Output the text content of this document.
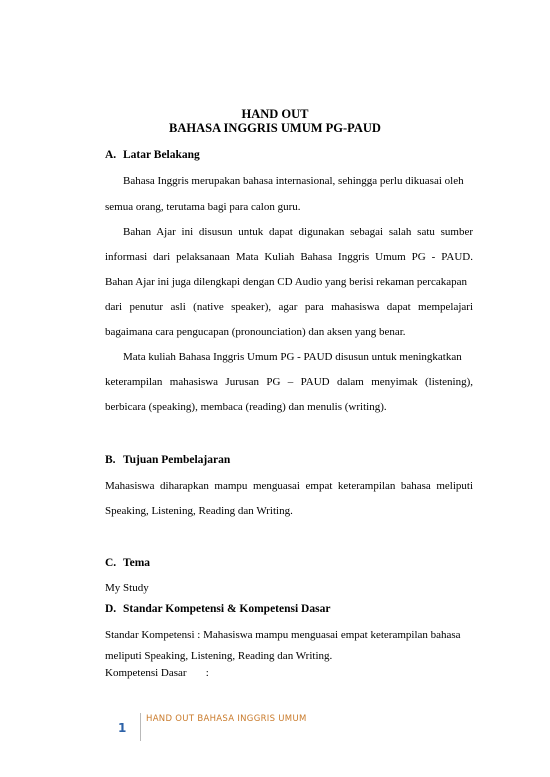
HAND OUT
BAHASA INGGRIS UMUM PG-PAUD
A. Latar Belakang
Bahasa Inggris merupakan bahasa internasional, sehingga perlu dikuasai oleh
semua orang, terutama bagi para calon guru.
Bahan Ajar ini disusun untuk dapat digunakan sebagai salah satu sumber
informasi dari pelaksanaan Mata Kuliah Bahasa Inggris Umum PG - PAUD.
Bahan Ajar ini juga dilengkapi dengan CD Audio yang berisi rekaman percakapan
dari penutur asli (native speaker), agar para mahasiswa dapat mempelajari
bagaimana cara pengucapan (pronounciation) dan aksen yang benar.
Mata kuliah Bahasa Inggris Umum PG - PAUD disusun untuk meningkatkan
keterampilan mahasiswa Jurusan PG – PAUD dalam menyimak (listening),
berbicara (speaking), membaca (reading) dan menulis (writing).
B. Tujuan Pembelajaran
Mahasiswa diharapkan mampu menguasai empat keterampilan bahasa meliputi
Speaking, Listening, Reading dan Writing.
C. Tema
My Study
D. Standar Kompetensi & Kompetensi Dasar
Standar Kompetensi : Mahasiswa mampu menguasai empat keterampilan bahasa
meliputi Speaking, Listening, Reading dan Writing.
Kompetensi Dasar       :
1
HAND OUT BAHASA INGGRIS UMUM
